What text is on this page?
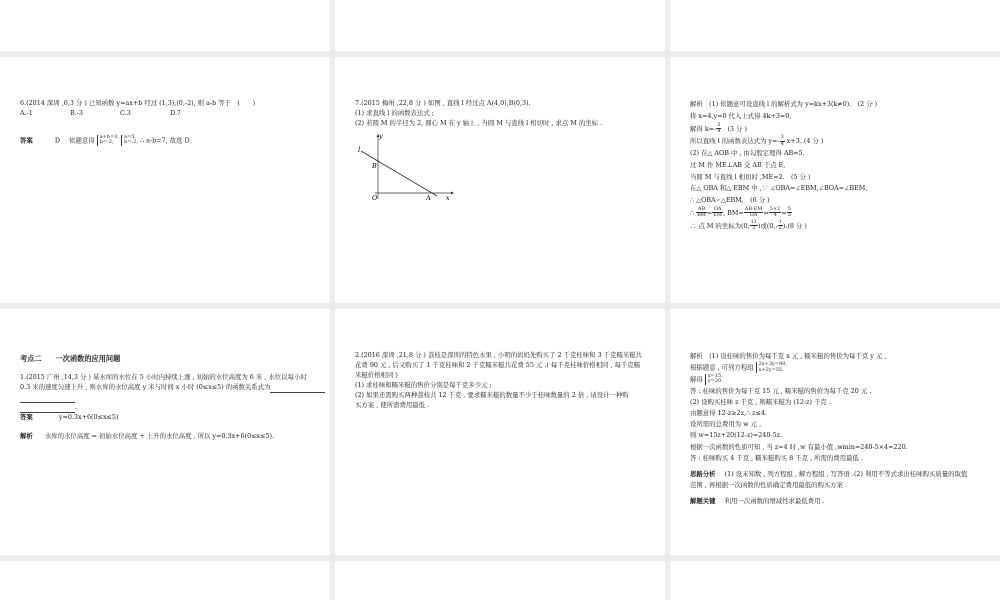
6.(2014 深圳 ,6,3 分 ) 已知函数 y=ax+b 经过 (1,3),(0,-2), 则 a-b 等于　(　　)
A.-1	B.-3	C.3	D.7
答案	D 依题意得 a+b=3,
b=-2,

a=5,
b=-2, ∴ a-b=7, 故选 D.
7.(2015 梅州 ,22,8 分 ) 如图 , 直线 l 经过点 A(4,0),B(0,3).
(1) 求直线 l 的函数表达式 ;
(2) 若圆 M 的半径为 2, 圆心 M 在 y 轴上 , 当圆 M 与直线 l 相切时 , 求点 M 的坐标 .
l
y
x
B
O	A
解析　(1) 依题意可设直线 l 的解析式为 y=kx+3(k≠0).　(2 分 )
将 x=4,y=0 代入上式得 4k+3=0,
解得 $k=- \frac{3}{4} (3$ 分 )
所以直线 l 的函数表达式为 $y=- \frac{3}{4} x+3$. (4 分 )
(2) 在△ AOB 中 , 由勾股定理得 AB=5.
过 M 作 ME⊥AB 交 AB 于点 E,
当圆 M 与直线 l 相切时 ,ME=2.　(5 分 )
在△ OBA 和△ EBM 中 ,∵ ∠OBA=∠EBM,∠BOA=∠BEM,
∴ △OBA∽△EBM,　(6 分 )
∴ $\frac{AB}{BM} = \frac{OA}{EM}$ , $BM= \frac{AB\cdot EM}{OA} = \frac{5\times 2}{4} = \frac{5}{2}$
∴ 点 M 的坐标为(0, $\frac{11}{2}$ )或$(0,- \frac{1}{2} ).(8$ 分 )
考点二 一次函数的应用问题
1.(2015 广州 ,14,3 分 ) 某水库的水位在 5 小时内持续上涨 , 初始的水位高度为 6 米 , 水位以每小时
0.3 米的速度匀速上升 , 则水库的水位高度 y 米与时间 x 小时 (0≤x≤5) 的函数关系式为
.
答案	y=0.3x+6(0≤x≤5)
解析 水库的水位高度 = 初始水位高度 + 上升的水位高度 , 所以 y=0.3x+6(0≤x≤5).
2.(2016 深圳 ,21,8 分 ) 荔枝是深圳的特色水果 , 小明的妈妈先购买了 2 千克桂味和 3 千克糯米糍共
花费 90 元 , 后又购买了 1 千克桂味和 2 千克糯米糍共花费 55 元 .( 每千克桂味价格相同 , 每千克糯
米糍价格相同 )
(1) 求桂味和糯米糍的售价分别是每千克多少元 ;
(2) 如果还需购买两种荔枝共 12 千克 , 要求糯米糍的数量不少于桂味数量的 2 倍 , 请设计一种购
买方案 , 使所需费用最低 .
解析　(1) 设桂味的售价为每千克 x 元 , 糯米糍的售价为每千克 y 元 ,
根据题意 , 可列方程组 2x+3y=90,
x+2y=55,
解得 x=15,
y=20.
答 : 桂味的售价为每千克 15 元 , 糯米糍的售价为每千克 20 元 .
(2) 设购买桂味 z 千克 , 则糯米糍为 (12-z) 千克 .
由题意得 12-z≥2z,∴ z≤4.
设所需的总费用为 w 元 ,
则 w=15z+20(12-z)=240-5z.
根据一次函数的性质可知 , 当 z=4 时 ,w 有最小值 ,wmin=240-5×4=220.
答 : 桂味购买 4 千克 , 糯米糍购买 8 千克 , 所需的费用最低 .
思路分析 (1) 设未知数 , 列方程组 , 解方程组 , 写答语 .(2) 利用不等式求出桂味购买质量的取值
范围 , 再根据一次函数的性质确定费用最低的购买方案 .
解题关键 利用一次函数的增减性求最低费用 .
